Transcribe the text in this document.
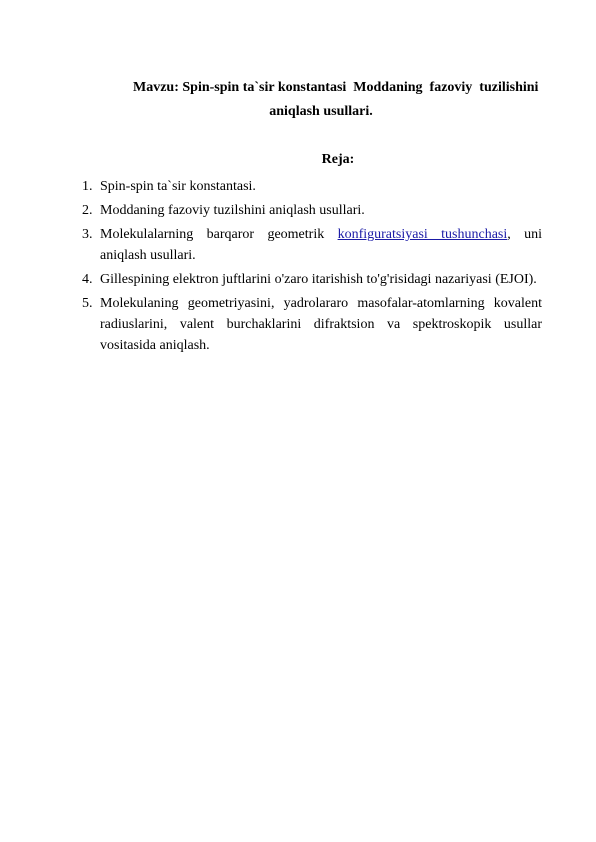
Mavzu: Spin-spin ta`sir konstantasi  Moddaning  fazoviy  tuzilishini
aniqlash usullari.
Reja:
1. Spin-spin ta`sir konstantasi.
2. Moddaning fazoviy tuzilshini aniqlash usullari.
3. Molekulalarning barqaror geometrik konfiguratsiyasi tushunchasi, uni aniqlash usullari.
4. Gillespining elektron juftlarini o'zaro itarishish to'g'risidagi nazariyasi (EJOI).
5. Molekulaning geometriyasini, yadrolararo masofalar-atomlarning kovalent radiuslarini, valent burchaklarini difraktsion va spektroskopik usullar vositasida aniqlash.
